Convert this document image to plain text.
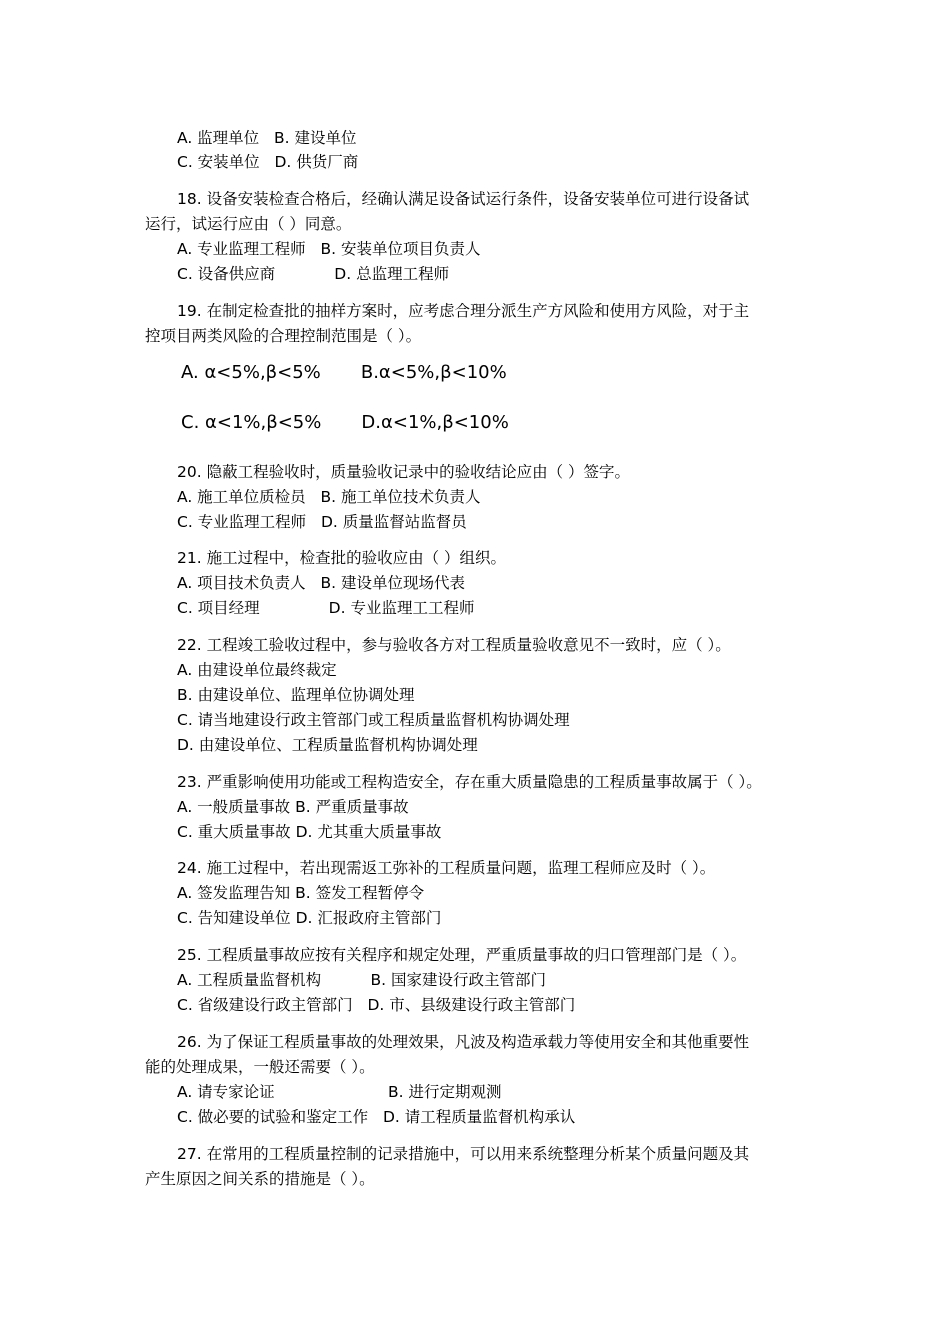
A. 监理单位   B. 建设单位
C. 安装单位   D. 供货厂商
18. 设备安装检查合格后，经确认满足设备试运行条件，设备安装单位可进行设备试
运行，试运行应由（ ）同意。
A. 专业监理工程师   B. 安装单位项目负责人
C. 设备供应商            D. 总监理工程师
19. 在制定检查批的抽样方案时，应考虑合理分派生产方风险和使用方风险，对于主
控项目两类风险的合理控制范围是（ ）。
A. α<5%,β<5%       B.α<5%,β<10%
C. α<1%,β<5%       D.α<1%,β<10%
20. 隐蔽工程验收时，质量验收记录中的验收结论应由（ ）签字。
A. 施工单位质检员   B. 施工单位技术负责人
C. 专业监理工程师   D. 质量监督站监督员
21. 施工过程中，检查批的验收应由（ ）组织。
A. 项目技术负责人   B. 建设单位现场代表
C. 项目经理              D. 专业监理工工程师
22. 工程竣工验收过程中，参与验收各方对工程质量验收意见不一致时，应（ ）。
A. 由建设单位最终裁定
B. 由建设单位、监理单位协调处理
C. 请当地建设行政主管部门或工程质量监督机构协调处理
D. 由建设单位、工程质量监督机构协调处理
23. 严重影响使用功能或工程构造安全，存在重大质量隐患的工程质量事故属于（ ）。
A. 一般质量事故 B. 严重质量事故
C. 重大质量事故 D. 尤其重大质量事故
24. 施工过程中，若出现需返工弥补的工程质量问题，监理工程师应及时（ ）。
A. 签发监理告知 B. 签发工程暂停令
C. 告知建设单位 D. 汇报政府主管部门
25. 工程质量事故应按有关程序和规定处理，严重质量事故的归口管理部门是（ ）。
A. 工程质量监督机构          B. 国家建设行政主管部门
C. 省级建设行政主管部门   D. 市、县级建设行政主管部门
26. 为了保证工程质量事故的处理效果，凡波及构造承载力等使用安全和其他重要性
能的处理成果，一般还需要（ ）。
A. 请专家论证                       B. 进行定期观测
C. 做必要的试验和鉴定工作   D. 请工程质量监督机构承认
27. 在常用的工程质量控制的记录措施中，可以用来系统整理分析某个质量问题及其
产生原因之间关系的措施是（ ）。
